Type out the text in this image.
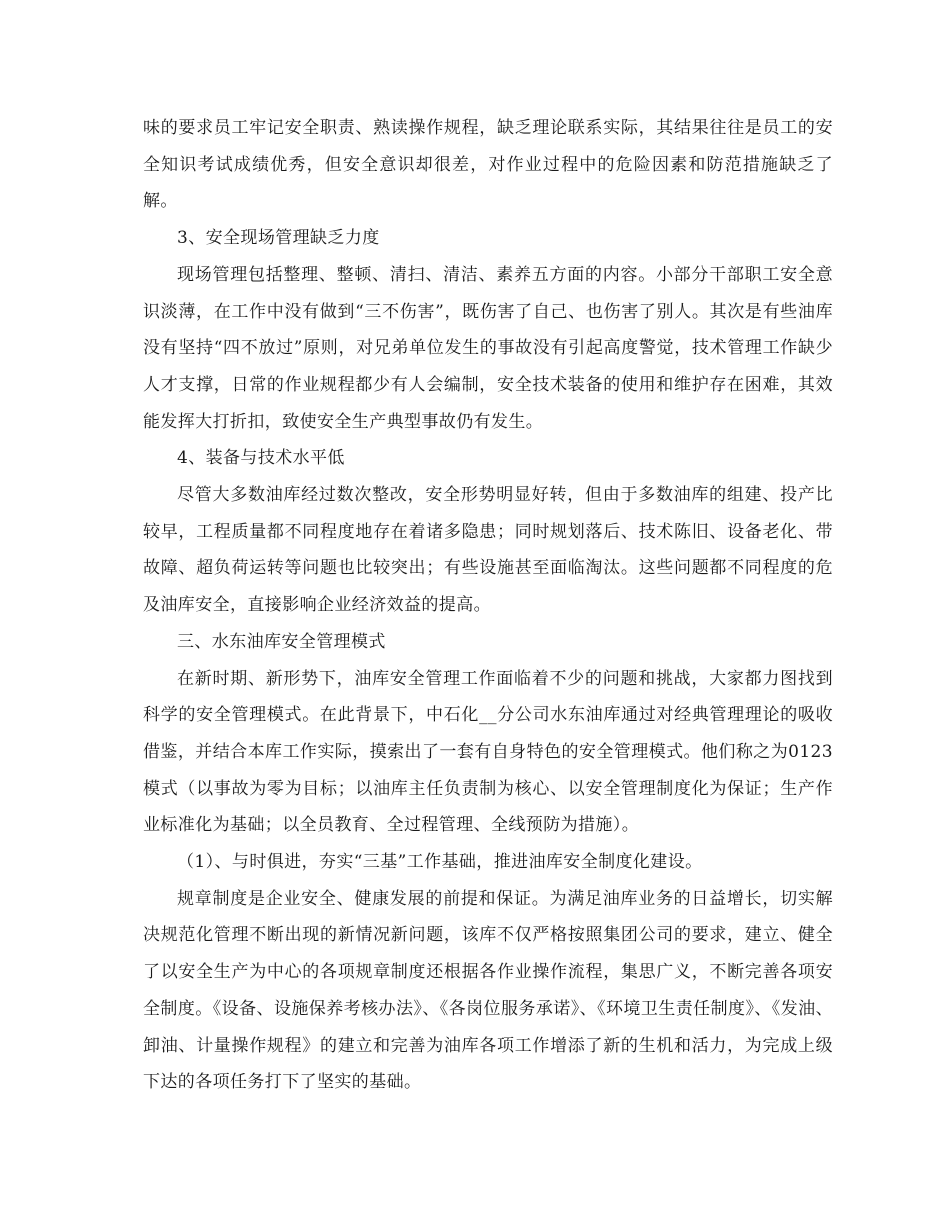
味的要求员工牢记安全职责、熟读操作规程，缺乏理论联系实际，其结果往往是员工的安全知识考试成绩优秀，但安全意识却很差，对作业过程中的危险因素和防范措施缺乏了解。

3、安全现场管理缺乏力度

现场管理包括整理、整顿、清扫、清洁、素养五方面的内容。小部分干部职工安全意识淡薄，在工作中没有做到“三不伤害”，既伤害了自己、也伤害了别人。其次是有些油库没有坚持“四不放过”原则，对兄弟单位发生的事故没有引起高度警觉，技术管理工作缺少人才支撑，日常的作业规程都少有人会编制，安全技术装备的使用和维护存在困难，其效能发挥大打折扣，致使安全生产典型事故仍有发生。

4、装备与技术水平低

尽管大多数油库经过数次整改，安全形势明显好转，但由于多数油库的组建、投产比较早，工程质量都不同程度地存在着诸多隐患；同时规划落后、技术陈旧、设备老化、带故障、超负荷运转等问题也比较突出；有些设施甚至面临淘汰。这些问题都不同程度的危及油库安全，直接影响企业经济效益的提高。

三、水东油库安全管理模式

在新时期、新形势下，油库安全管理工作面临着不少的问题和挑战，大家都力图找到科学的安全管理模式。在此背景下，中石化__分公司水东油库通过对经典管理理论的吸收借鉴，并结合本库工作实际，摸索出了一套有自身特色的安全管理模式。他们称之为0123模式（以事故为零为目标；以油库主任负责制为核心、以安全管理制度化为保证；生产作业标准化为基础；以全员教育、全过程管理、全线预防为措施）。

（1）、与时俱进，夯实“三基”工作基础，推进油库安全制度化建设。

规章制度是企业安全、健康发展的前提和保证。为满足油库业务的日益增长，切实解决规范化管理不断出现的新情况新问题，该库不仅严格按照集团公司的要求，建立、健全了以安全生产为中心的各项规章制度还根据各作业操作流程，集思广义，不断完善各项安全制度。《设备、设施保养考核办法》、《各岗位服务承诺》、《环境卫生责任制度》、《发油、卸油、计量操作规程》的建立和完善为油库各项工作增添了新的生机和活力，为完成上级下达的各项任务打下了坚实的基础。
